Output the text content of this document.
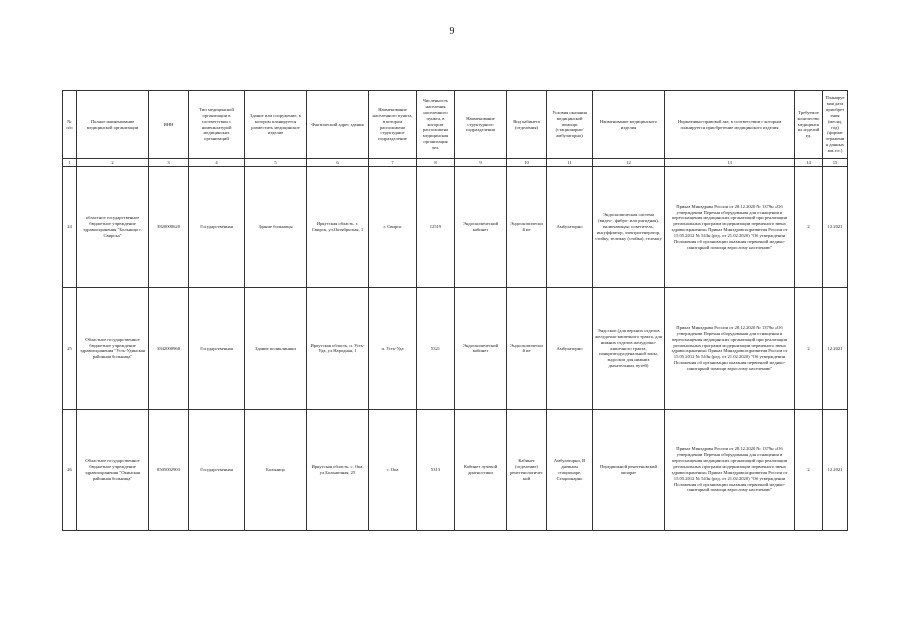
9
№ п/п	Полное наименование медицинской организации	ИНН	Тип медицинской организации в соответствии с номенклатурой медицинских организаций	Здание или сооружение, в котором планируется разместить медицинское изделие	Фактический адрес здания	Наименование населенного пункта, в котором расположено структурное подразделение	Численность населения населенного пункта, в котором расположена медицинская организация чел.	Наименование структурного подразделения	Вид кабинета (отделения)	Условия оказания медицинской помощи (стационарно/амбулаторно)	Наименование медицинского изделия	Нормативно-правовой акт, в соответствии с которым планируется приобретение медицинского изделия	Требуемое количество медицинских изделий ед.	Планируемая дата приобретения (месяц, год) (формат отражения данных мм.ггг.)
1	2	3	4	5	6	7	8	9	10	11	12	13	14	15
24	областное государственное бюджетное учреждение здравоохранения "Больница г. Свирска"	3820000620	Государственная	Здание больницы	Иркутская область, г. Свирск, ул.Октябрьская, 1	г. Свирск	12519	Эндоскопический кабинет	Эндоскопический ие	Амбулаторно	Эндоскопическая система (видео-, фибро- или ригидная), включающая: осветитель, инсуффлятор, электрогенератор, стойку, тележку (стойка), тележку	Приказ Минздрава России от 28.12.2020 № 1379н «Об утверждении Перечня оборудования для оснащения и переоснащения медицинских организаций при реализации региональных программ модернизации первичного звена здравоохранения» Приказ Минздравсоцразвития России от 15.05.2012 № 543н (ред. от 21.02.2020) "Об утверждении Положения об организации оказания первичной медико-санитарной помощи взрослому населению"	2	12.2021
25	Областное государственное бюджетное учреждение здравоохранения "Усть-Удинская районная больница"	3842000960	Государственная	Здание поликлиники	Иркутская область, п. Усть-Уда, ул.Народная, 1	п. Усть-Уда	5321	Эндоскопический кабинет	Эндоскопический ие	Амбулаторно	Эндоскоп (для верхних отделов желудочно-кишечного тракта, для нижних отделов желудочно-кишечного тракта, панкреатодуоденальной зоны, эндоскоп для нижних дыхательных путей)	Приказ Минздрава России от 28.12.2020 № 1379н «Об утверждении Перечня оборудования для оснащения и переоснащения медицинских организаций при реализации региональных программ модернизации первичного звена здравоохранения» Приказ Минздравсоцразвития России от 15.05.2012 № 543н (ред. от 21.02.2020) "Об утверждении Положения об организации оказания первичной медико-санитарной помощи взрослому населению"	2	12.2021
26	Областное государственное бюджетное учреждение здравоохранения "Окинская районная больница"	8505002903	Государственная	Больница	Иркутская область, с. Ока, ул.Больничная, 25	с. Ока	5313	Кабинет лучевой диагностики	Кабинет (отделение) рентгенологический	Амбулаторно, В дневном стационаре, Стационарно	Передвижной рентгеновский аппарат	Приказ Минздрава России от 28.12.2020 № 1379н «Об утверждении Перечня оборудования для оснащения и переоснащения медицинских организаций при реализации региональных программ модернизации первичного звена здравоохранения» Приказ Минздравсоцразвития России от 15.05.2012 № 543н (ред. от 21.02.2020) "Об утверждении Положения об организации оказания первичной медико-санитарной помощи взрослому населению"	2	12.2021
